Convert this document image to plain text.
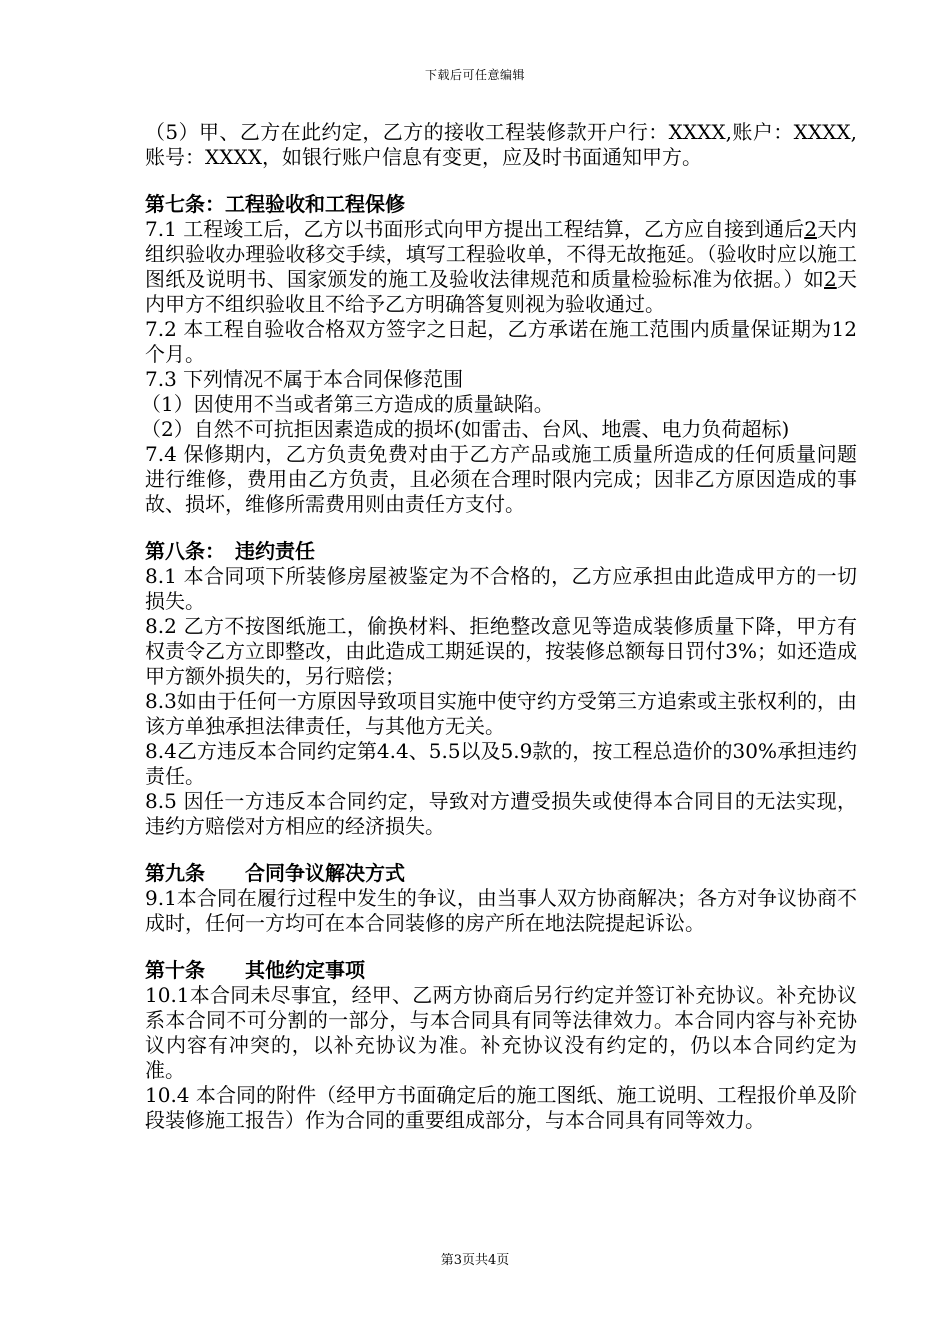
下载后可任意编辑

（5）甲、乙方在此约定，乙方的接收工程装修款开户行：XXXX,账户：XXXX,账号：XXXX，如银行账户信息有变更，应及时书面通知甲方。

第七条：工程验收和工程保修

7.1 工程竣工后，乙方以书面形式向甲方提出工程结算，乙方应自接到通后2天内组织验收办理验收移交手续，填写工程验收单，不得无故拖延。（验收时应以施工图纸及说明书、国家颁发的施工及验收法律规范和质量检验标准为依据。）如2天内甲方不组织验收且不给予乙方明确答复则视为验收通过。

7.2 本工程自验收合格双方签字之日起，乙方承诺在施工范围内质量保证期为12个月。

7.3 下列情况不属于本合同保修范围

（1）因使用不当或者第三方造成的质量缺陷。

（2）自然不可抗拒因素造成的损坏(如雷击、台风、地震、电力负荷超标)

7.4 保修期内，乙方负责免费对由于乙方产品或施工质量所造成的任何质量问题进行维修，费用由乙方负责，且必须在合理时限内完成；因非乙方原因造成的事故、损坏，维修所需费用则由责任方支付。

第八条：　违约责任

8.1 本合同项下所装修房屋被鉴定为不合格的，乙方应承担由此造成甲方的一切损失。

8.2 乙方不按图纸施工，偷换材料、拒绝整改意见等造成装修质量下降，甲方有权责令乙方立即整改，由此造成工期延误的，按装修总额每日罚付3%；如还造成甲方额外损失的，另行赔偿；

8.3如由于任何一方原因导致项目实施中使守约方受第三方追索或主张权利的，由该方单独承担法律责任，与其他方无关。

8.4乙方违反本合同约定第4.4、5.5以及5.9款的，按工程总造价的30%承担违约责任。

8.5 因任一方违反本合同约定，导致对方遭受损失或使得本合同目的无法实现，违约方赔偿对方相应的经济损失。

第九条　　合同争议解决方式

9.1本合同在履行过程中发生的争议，由当事人双方协商解决；各方对争议协商不成时，任何一方均可在本合同装修的房产所在地法院提起诉讼。

第十条　　其他约定事项

10.1本合同未尽事宜，经甲、乙两方协商后另行约定并签订补充协议。补充协议系本合同不可分割的一部分，与本合同具有同等法律效力。本合同内容与补充协议内容有冲突的，以补充协议为准。补充协议没有约定的，仍以本合同约定为准。

10.4 本合同的附件（经甲方书面确定后的施工图纸、施工说明、工程报价单及阶段装修施工报告）作为合同的重要组成部分，与本合同具有同等效力。

第3页共4页
